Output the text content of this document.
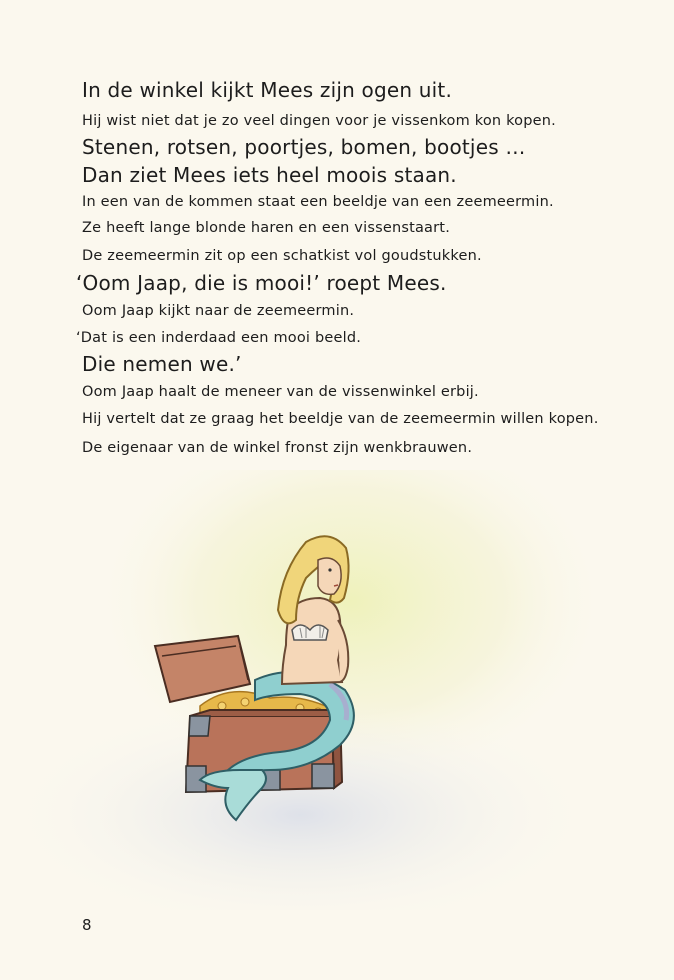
In de winkel kijkt Mees zijn ogen uit.
Hij wist niet dat je zo veel dingen voor je vissenkom kon kopen.
Stenen, rotsen, poortjes, bomen, bootjes …
Dan ziet Mees iets heel moois staan.
In een van de kommen staat een beeldje van een zeemeermin.
Ze heeft lange blonde haren en een vissenstaart.
De zeemeermin zit op een schatkist vol goudstukken.
‘Oom Jaap, die is mooi!’ roept Mees.
Oom Jaap kijkt naar de zeemeermin.
‘Dat is een inderdaad een mooi beeld.
Die nemen we.’
Oom Jaap haalt de meneer van de vissenwinkel erbij.
Hij vertelt dat ze graag het beeldje van de zeemeermin willen kopen.
De eigenaar van de winkel fronst zijn wenkbrauwen.
8
